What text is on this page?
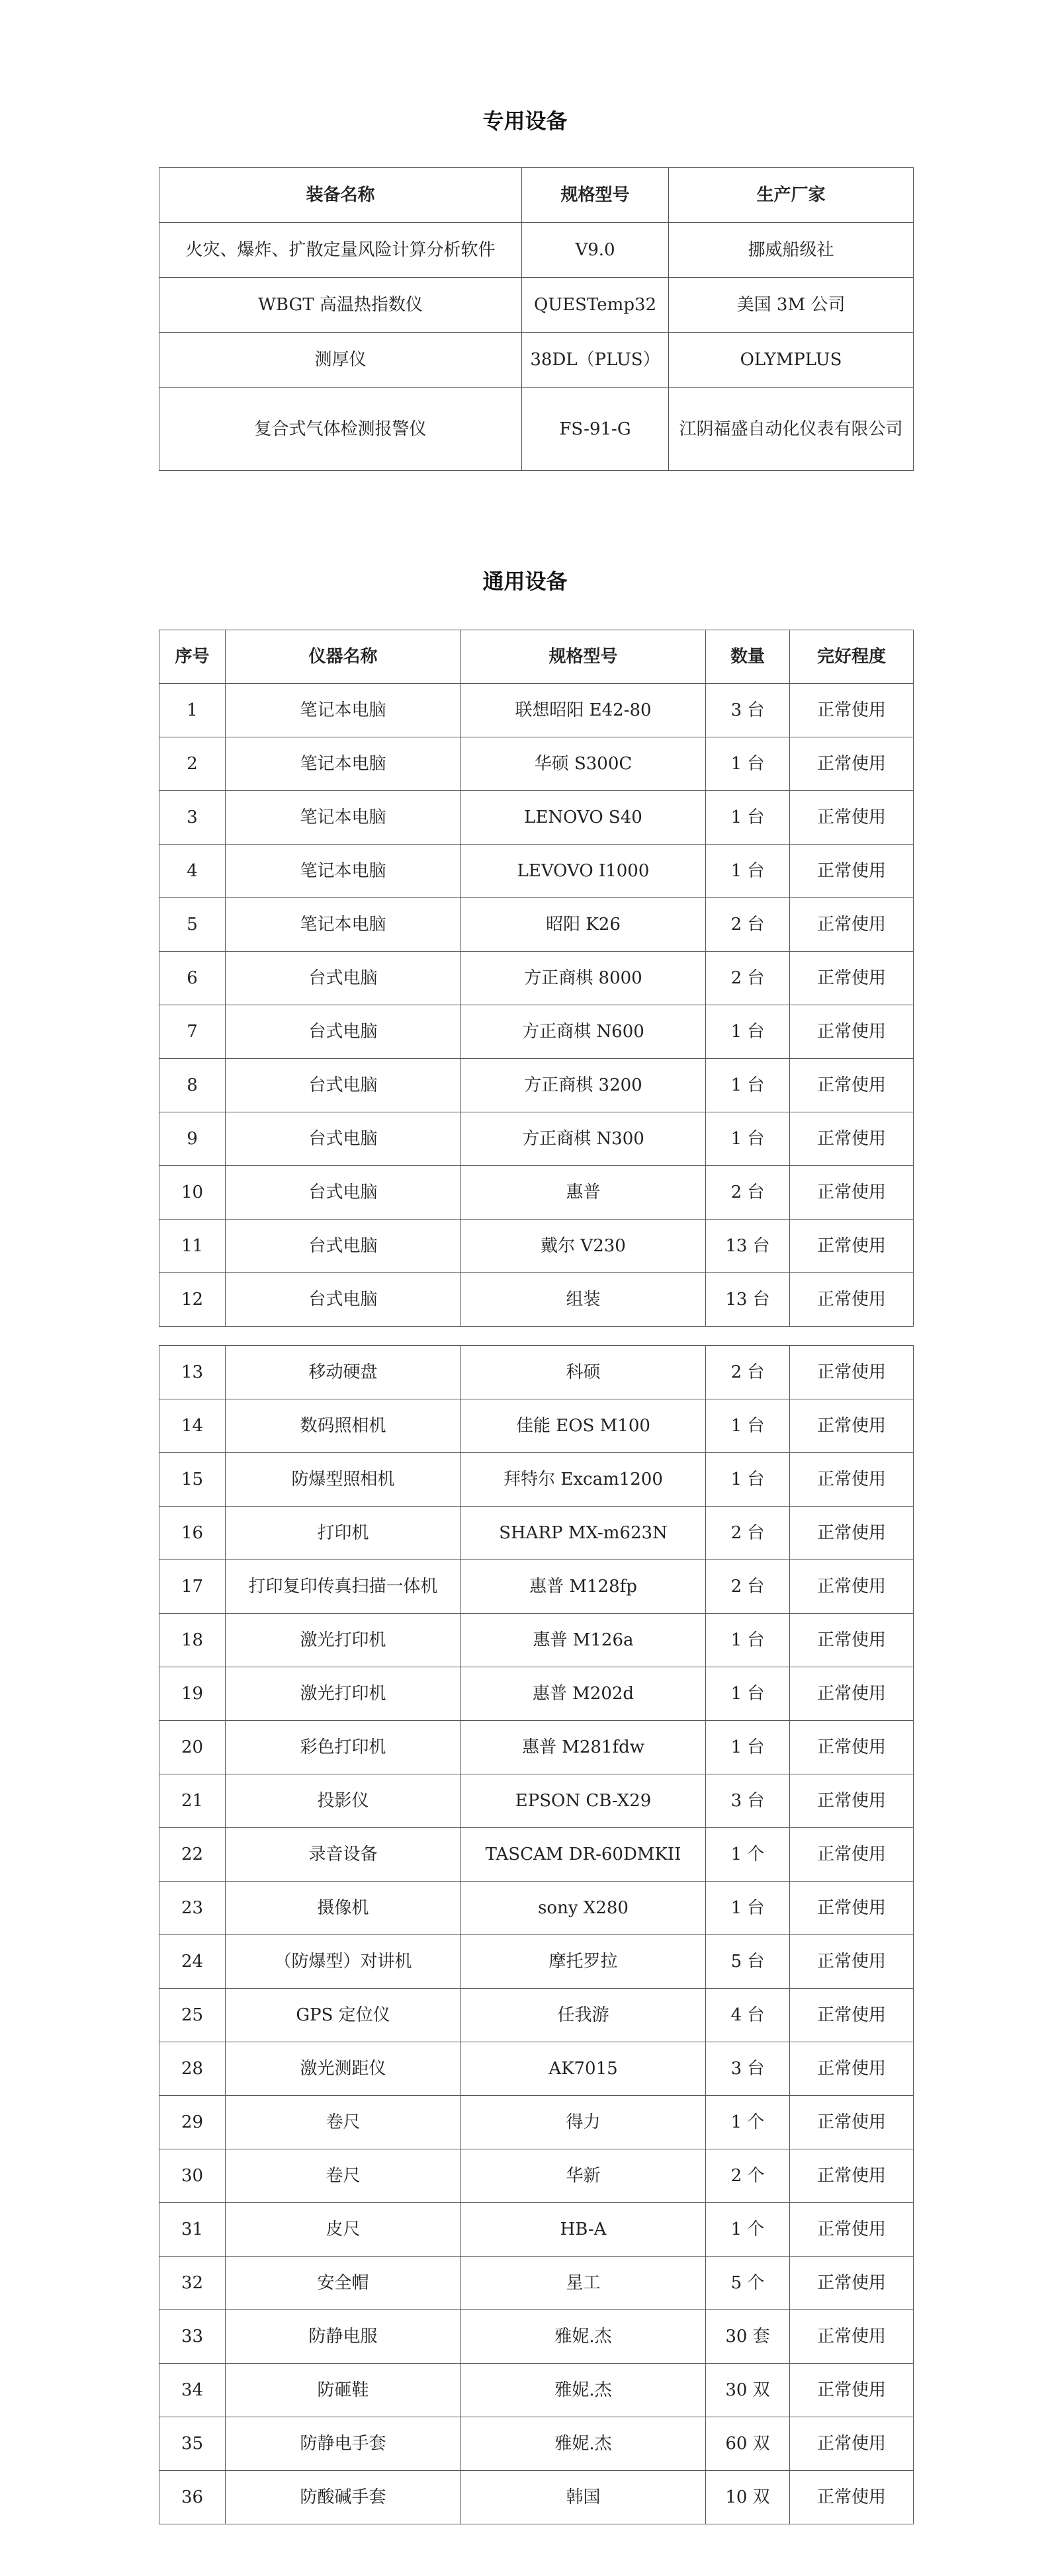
专用设备
装备名称	规格型号	生产厂家
火灾、爆炸、扩散定量风险计算分析软件	V9.0	挪威船级社
WBGT 高温热指数仪	QUESTemp32	美国 3M 公司
测厚仪	38DL（PLUS）	OLYMPLUS
复合式气体检测报警仪	FS-91-G	江阴福盛自动化仪表有限公司
通用设备
序号	仪器名称	规格型号	数量	完好程度
1	笔记本电脑	联想昭阳 E42-80	3 台	正常使用
2	笔记本电脑	华硕 S300C	1 台	正常使用
3	笔记本电脑	LENOVO S40	1 台	正常使用
4	笔记本电脑	LEVOVO I1000	1 台	正常使用
5	笔记本电脑	昭阳 K26	2 台	正常使用
6	台式电脑	方正商棋 8000	2 台	正常使用
7	台式电脑	方正商棋 N600	1 台	正常使用
8	台式电脑	方正商棋 3200	1 台	正常使用
9	台式电脑	方正商棋 N300	1 台	正常使用
10	台式电脑	惠普	2 台	正常使用
11	台式电脑	戴尔 V230	13 台	正常使用
12	台式电脑	组装	13 台	正常使用
13	移动硬盘	科硕	2 台	正常使用
14	数码照相机	佳能 EOS M100	1 台	正常使用
15	防爆型照相机	拜特尔 Excam1200	1 台	正常使用
16	打印机	SHARP MX-m623N	2 台	正常使用
17	打印复印传真扫描一体机	惠普 M128fp	2 台	正常使用
18	激光打印机	惠普 M126a	1 台	正常使用
19	激光打印机	惠普 M202d	1 台	正常使用
20	彩色打印机	惠普 M281fdw	1 台	正常使用
21	投影仪	EPSON CB-X29	3 台	正常使用
22	录音设备	TASCAM DR-60DMKII	1 个	正常使用
23	摄像机	sony X280	1 台	正常使用
24	（防爆型）对讲机	摩托罗拉	5 台	正常使用
25	GPS 定位仪	任我游	4 台	正常使用
28	激光测距仪	AK7015	3 台	正常使用
29	卷尺	得力	1 个	正常使用
30	卷尺	华新	2 个	正常使用
31	皮尺	HB-A	1 个	正常使用
32	安全帽	星工	5 个	正常使用
33	防静电服	雅妮.杰	30 套	正常使用
34	防砸鞋	雅妮.杰	30 双	正常使用
35	防静电手套	雅妮.杰	60 双	正常使用
36	防酸碱手套	韩国	10 双	正常使用
